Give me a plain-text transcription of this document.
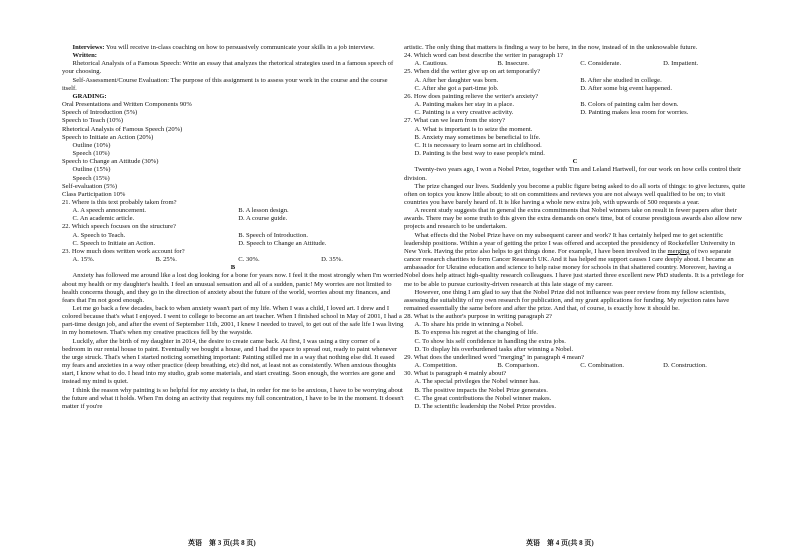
Interviews: You will receive in-class coaching on how to persuasively communicate your skills in a job interview.

Written:

Rhetorical Analysis of a Famous Speech: Write an essay that analyzes the rhetorical strategies used in a famous speech of your choosing.

Self-Assessment/Course Evaluation: The purpose of this assignment is to assess your work in the course and the course itself.

GRADING:

Oral Presentations and Written Components 90%

Speech of Introduction (5%)

Speech to Teach (10%)

Rhetorical Analysis of Famous Speech (20%)

Speech to Initiate an Action (20%)

Outline (10%)

Speech (10%)

Speech to Change an Attitude (30%)

Outline (15%)

Speech (15%)

Self-evaluation (5%)

Class Participation 10%

21. Where is this text probably taken from?

A. A speech announcement.	B. A lesson design.
C. An academic article.	D. A course guide.

22. Which speech focuses on the structure?

A. Speech to Teach.	B. Speech of Introduction.
C. Speech to Initiate an Action.	D. Speech to Change an Attitude.

23. How much does written work account for?

A. 15%.	B. 25%.	C. 30%.	D. 35%.

B

Anxiety has followed me around like a lost dog looking for a bone for years now. I feel it the most strongly when I'm worried about my health or my daughter's health. I feel an unusual sensation and all of a sudden, panic! My worries are not limited to health concerns though, and they go in the direction of anxiety about the future of the world, worries about my finances, and fears that I'm not good enough.

Let me go back a few decades, back to when anxiety wasn't part of my life. When I was a child, I loved art. I drew and I colored because that's what I enjoyed. I went to college to become an art teacher. When I finished school in May of 2001, I had a part-time design job, and after the event of September 11th, 2001, I knew I needed to travel, to get out of the safe life I was living in my hometown. That's when my creative practices fell by the wayside.

Luckily, after the birth of my daughter in 2014, the desire to create came back. At first, I was using a tiny corner of a bedroom in our rental house to paint. Eventually we bought a house, and I had the space to spread out, ready to paint whenever the urge struck. That's when I started noticing something important: Painting stilled me in a way that nothing else did. It eased my fears and anxieties in a way other practice (deep breathing, etc) did not, at least not as consistently. When anxious thoughts start, I know what to do. I head into my studio, grab some materials, and start creating. Soon enough, the worries are gone and instead my mind is quiet.

I think the reason why painting is so helpful for my anxiety is that, in order for me to be anxious, I have to be worrying about the future and what it holds. When I'm doing an activity that requires my full concentration, I have to be in the moment. It doesn't matter if you're

artistic. The only thing that matters is finding a way to be here, in the now, instead of in the unknowable future.

24. Which word can best describe the writer in paragraph 1?

A. Cautious.	B. Insecure.	C. Considerate.	D. Impatient.

25. When did the writer give up on art temporarily?

A. After her daughter was born.	B. After she studied in college.
C. After she got a part-time job.	D. After some big event happened.

26. How does painting relieve the writer's anxiety?

A. Painting makes her stay in a place.	B. Colors of painting calm her down.
C. Painting is a very creative activity.	D. Painting makes less room for worries.

27. What can we learn from the story?

A. What is important is to seize the moment.

B. Anxiety may sometimes be beneficial to life.

C. It is necessary to learn some art in childhood.

D. Painting is the best way to ease people's mind.

C

Twenty-two years ago, I won a Nobel Prize, together with Tim and Leland Hartwell, for our work on how cells control their division.

The prize changed our lives. Suddenly you become a public figure being asked to do all sorts of things: to give lectures, quite often on topics you know little about; to sit on committees and reviews you are not always well qualified to be on; to visit countries you have barely heard of. It is like having a whole new extra job, with upwards of 500 requests a year.

A recent study suggests that in general the extra commitments that Nobel winners take on result in fewer papers after their awards. There may be some truth to this given the extra demands on one's time, but of course prestigious awards also allow new projects and research to be undertaken.

What effects did the Nobel Prize have on my subsequent career and work? It has certainly helped me to get scientific leadership positions. Within a year of getting the prize I was offered and accepted the presidency of Rockefeller University in New York. Having the prize also helps to get things done. For example, I have been involved in the merging of two separate cancer research charities to form Cancer Research UK. And it has helped me support causes I care deeply about. I became an ambassador for Ukraine education and science to help raise money for schools in that shattered country. Moreover, having a Nobel does help attract high-quality research colleagues. I have just started three excellent new PhD students. It is a privilege for me to be able to pursue curiosity-driven research at this late stage of my career.

However, one thing I am glad to say that the Nobel Prize did not influence was peer review from my fellow scientists, assessing the suitability of my own research for publication, and my grant applications for funding. My rejection rates have remained essentially the same before and after the prize. And that, of course, is exactly how it should be.

28. What is the author's purpose in writing paragraph 2?

A. To share his pride in winning a Nobel.

B. To express his regret at the changing of life.

C. To show his self confidence in handling the extra jobs.

D. To display his overburdened tasks after winning a Nobel.

29. What does the underlined word "merging" in paragraph 4 mean?

A. Competition.	B. Comparison.	C. Combination.	D. Construction.

30. What is paragraph 4 mainly about?

A. The special privileges the Nobel winner has.

B. The positive impacts the Nobel Prize generates.

C. The great contributions the Nobel winner makes.

D. The scientific leadership the Nobel Prize provides.

英语　第 3 页(共 8 页)	英语　第 4 页(共 8 页)
